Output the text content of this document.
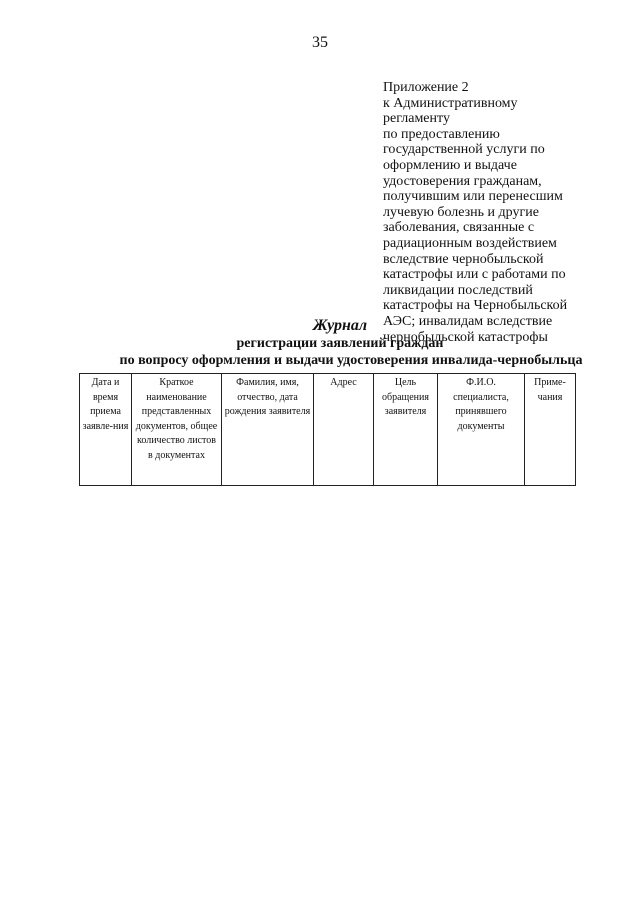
35
Приложение 2
к Административному
регламенту
по предоставлению
государственной услуги по
оформлению и выдаче
удостоверения гражданам,
получившим или перенесшим
лучевую болезнь и другие
заболевания, связанные с
радиационным воздействием
вследствие чернобыльской
катастрофы или с работами по
ликвидации последствий
катастрофы на Чернобыльской
АЭС; инвалидам вследствие
чернобыльской катастрофы
Журнал
регистрации заявлений граждан
по вопросу оформления и выдачи удостоверения инвалида-чернобыльца
Дата и время приема заявле-ния	Краткое наименование представленных документов, общее количество листов в документах	Фамилия, имя, отчество, дата рождения заявителя	Адрес	Цель обращения заявителя	Ф.И.О. специалиста, принявшего документы	Приме-чания
